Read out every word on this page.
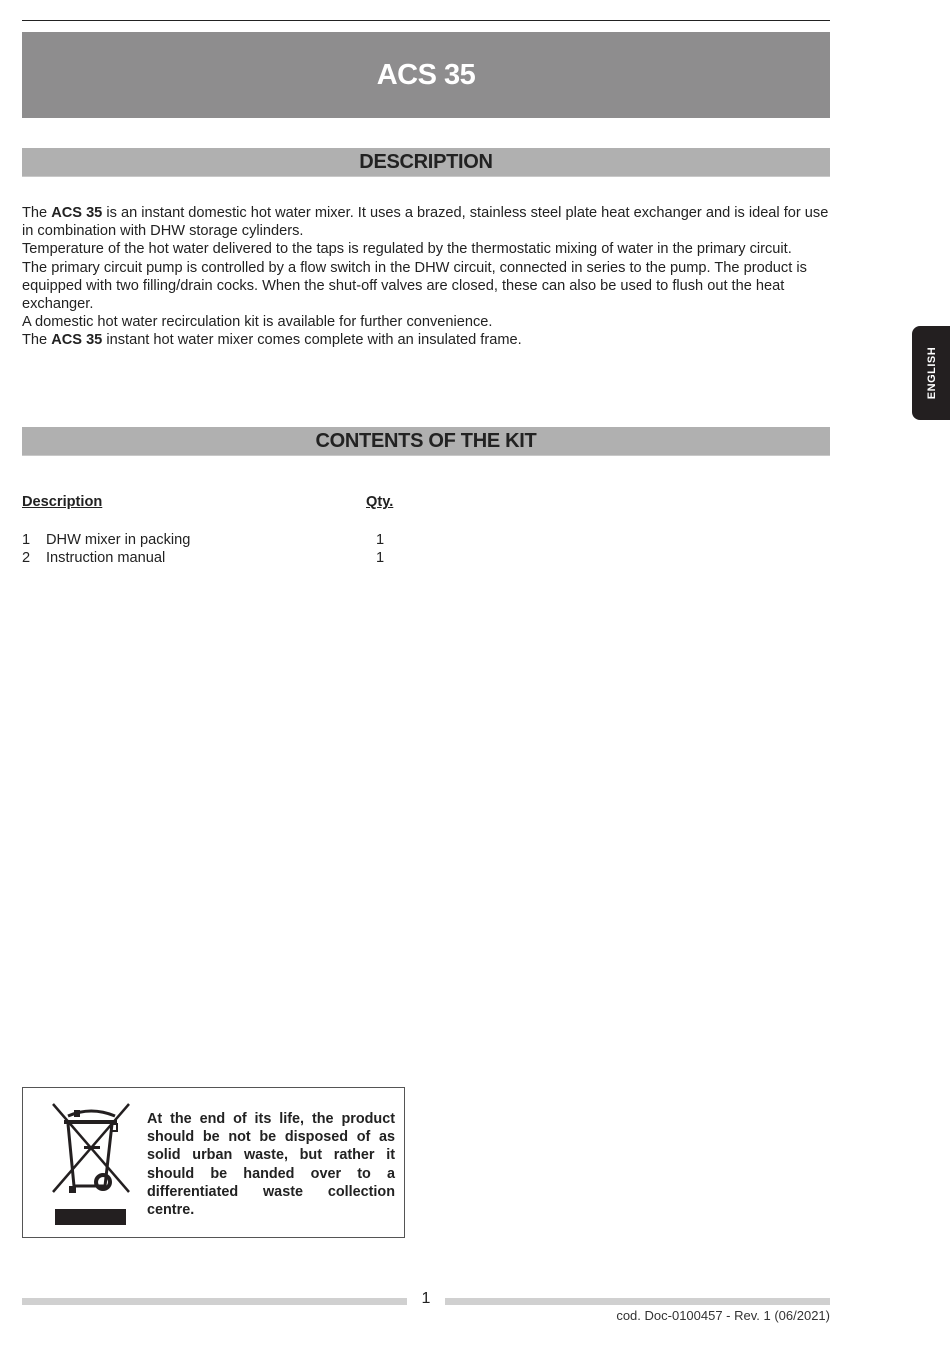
ACS 35
DESCRIPTION

The ACS 35 is an instant domestic hot water mixer. It uses a brazed, stainless steel plate heat exchanger and is ideal for use in combination with DHW storage cylinders.

Temperature of the hot water delivered to the taps is regulated by the thermostatic mixing of water in the primary circuit.

The primary circuit pump is controlled by a flow switch in the DHW circuit, connected in series to the pump. The product is equipped with two filling/drain cocks. When the shut-off valves are closed, these can also be used to flush out the heat exchanger.

A domestic hot water recirculation kit is available for further convenience.

The ACS 35 instant hot water mixer comes complete with an insulated frame.

ENGLISH
CONTENTS OF THE KIT
Description	Qty.
1 DHW mixer in packing	1
2 Instruction manual	1
At the end of its life, the product should be not be disposed of as solid urban waste, but rather it should be handed over to a differentiated waste collection centre.
1
cod. Doc-0100457 - Rev. 1 (06/2021)
